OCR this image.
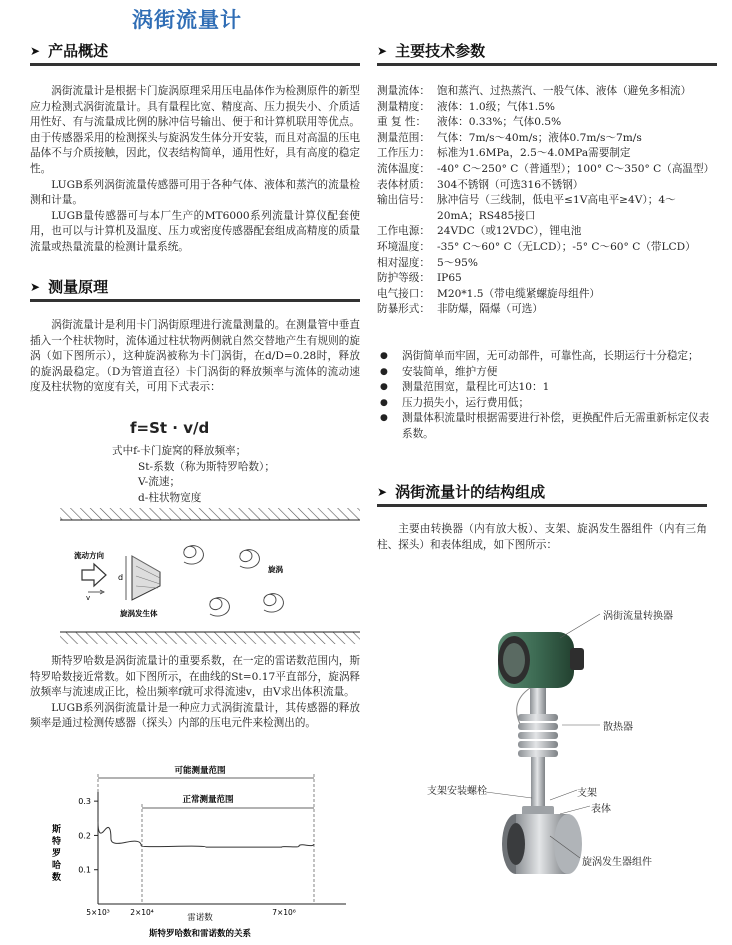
涡街流量计
➤ 产品概述

涡街流量计是根据卡门旋涡原理采用压电晶体作为检测原件的新型应力检测式涡街流量计。具有量程比宽、精度高、压力损失小、介质适用性好、有与流量成比例的脉冲信号输出、便于和计算机联用等优点。由于传感器采用的检测探头与旋涡发生体分开安装，而且对高温的压电晶体不与介质接触，因此，仪表结构简单，通用性好，具有高度的稳定性。

LUGB系列涡街流量传感器可用于各种气体、液体和蒸汽的流量检测和计量。

LUGB量传感器可与本厂生产的MT6000系列流量计算仪配套使用，也可以与计算机及温度、压力或密度传感器配套组成高精度的质量流量或热量流量的检测计量系统。

➤ 主要技术参数
测量流体： 饱和蒸汽、过热蒸汽、一般气体、液体（避免多相流）
测量精度： 液体：1.0级；气体1.5%
重 复 性：	液体：0.33%；气体0.5%
测量范围： 气体：7m/s～40m/s；液体0.7m/s～7m/s
工作压力： 标准为1.6MPa，2.5～4.0MPa需要制定
流体温度： -40° C～250° C（普通型）；100° C～350° C（高温型）
表体材质： 304不锈钢（可选316不锈钢）
输出信号： 脉冲信号（三线制，低电平≤1V高电平≥4V）；4～20mA；RS485接口
工作电源： 24VDC（或12VDC），锂电池
环境温度： -35° C～60° C（无LCD）；-5° C～60° C（带LCD）
相对湿度： 5～95%
防护等级： IP65
电气接口： M20*1.5（带电缆紧螺旋母组件）
防暴形式： 非防爆，隔爆（可选）
●	涡街简单而牢固，无可动部件，可靠性高，长期运行十分稳定；
●	安装简单，维护方便
●	测量范围宽，量程比可达10：1
●	压力损失小，运行费用低；
●	测量体积流量时根据需要进行补偿，更换配件后无需重新标定仪表系数。
➤ 测量原理

涡街流量计是利用卡门涡街原理进行流量测量的。在测量管中垂直插入一个柱状物时，流体通过柱状物两侧就自然交替地产生有规则的旋涡（如下图所示），这种旋涡被称为卡门涡街，在d/D=0.28时，释放的旋涡最稳定。（D为管道直径）卡门涡街的释放频率与流体的流动速度及柱状物的宽度有关，可用下式表示：

f=St · v/d
式中f-卡门旋窝的释放频率；
St-系数（称为斯特罗哈数）；
V-流速；
d-柱状物宽度
流动方向
d
v
旋涡
旋涡发生体

斯特罗哈数是涡街流量计的重要系数，在一定的雷诺数范围内，斯特罗哈数接近常数。如下图所示，在曲线的St=0.17平直部分，旋涡释放频率与流速成正比，检出频率f就可求得流速v，由V求出体积流量。

LUGB系列涡街流量计是一种应力式涡街流量计，其传感器的释放频率是通过检测传感器（探头）内部的压电元件来检测出的。

可能测量范围
正常测量范围
斯特罗哈数
雷诺数
斯特罗哈数和雷诺数的关系
0.1
0.2
0.3
5×10³	2×10⁴	7×10⁶
➤ 涡街流量计的结构组成

主要由转换器（内有放大板）、支架、旋涡发生器组件（内有三角柱、探头）和表体组成，如下图所示：

涡街流量转换器
散热器
支架安装螺栓	支架
表体
旋涡发生器组件
